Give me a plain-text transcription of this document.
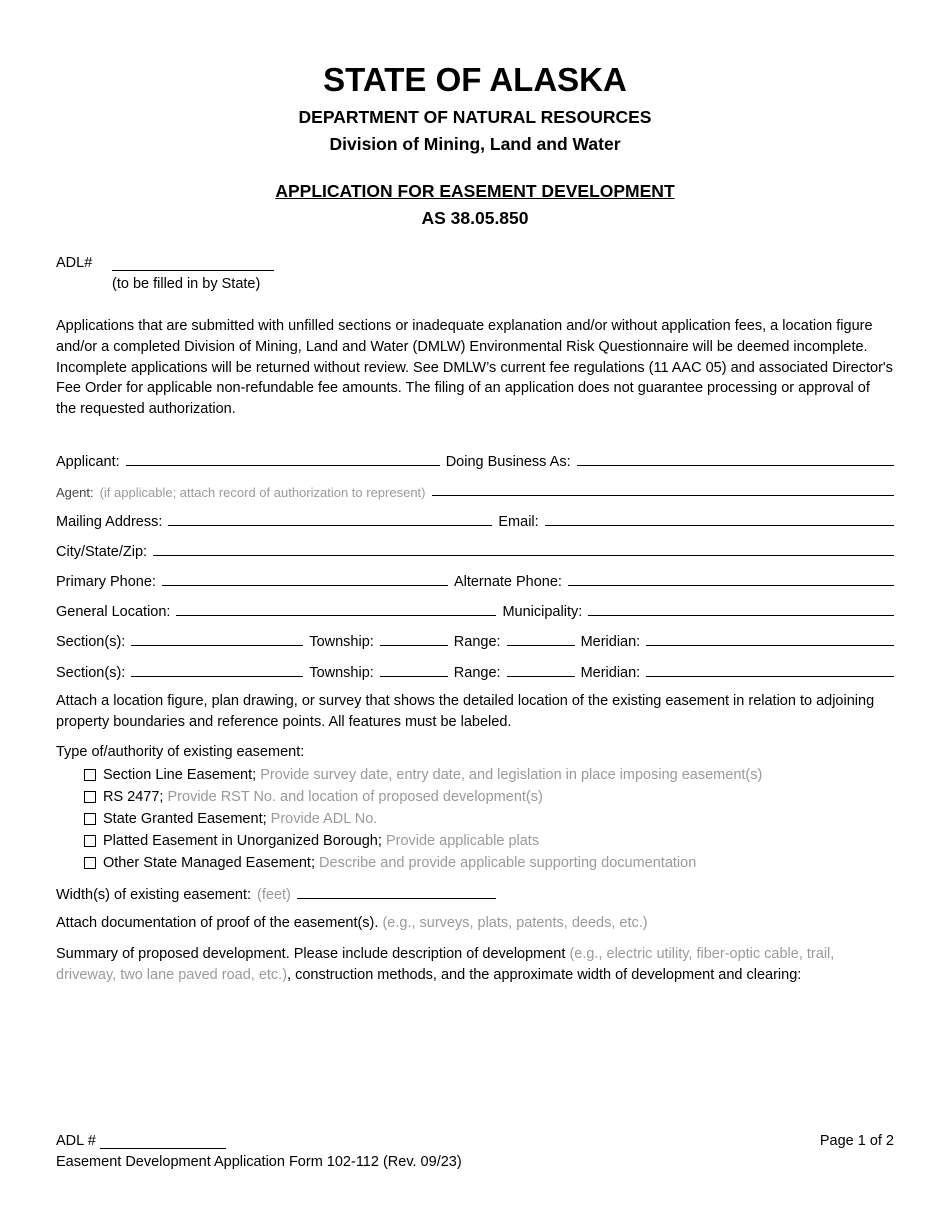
STATE OF ALASKA
DEPARTMENT OF NATURAL RESOURCES
Division of Mining, Land and Water
APPLICATION FOR EASEMENT DEVELOPMENT
AS 38.05.850
ADL#
(to be filled in by State)
Applications that are submitted with unfilled sections or inadequate explanation and/or without application fees, a location figure and/or a completed Division of Mining, Land and Water (DMLW) Environmental Risk Questionnaire will be deemed incomplete. Incomplete applications will be returned without review. See DMLW’s current fee regulations (11 AAC 05) and associated Director's Fee Order for applicable non-refundable fee amounts. The filing of an application does not guarantee processing or approval of the requested authorization.
Applicant:	Doing Business As:
Agent: (if applicable; attach record of authorization to represent)
Mailing Address:	Email:
City/State/Zip:
Primary Phone:	Alternate Phone:
General Location:	Municipality:
Section(s):	Township:	Range:	Meridian:
Section(s):	Township:	Range:	Meridian:
Attach a location figure, plan drawing, or survey that shows the detailed location of the existing easement in relation to adjoining property boundaries and reference points. All features must be labeled.
Type of/authority of existing easement:
Section Line Easement;
Provide survey date, entry date, and legislation in place imposing easement(s)
RS 2477;
Provide RST No. and location of proposed development(s)
State Granted Easement;
Provide ADL No.
Platted Easement in Unorganized Borough;
Provide applicable plats
Other State Managed Easement;
Describe and provide applicable supporting documentation
Width(s) of existing easement: (feet)
Attach documentation of proof of the easement(s). (e.g., surveys, plats, patents, deeds, etc.)
Summary of proposed development. Please include description of development (e.g., electric utility, fiber-optic cable, trail, driveway, two lane paved road, etc.), construction methods, and the approximate width of development and clearing:
ADL #
Easement Development Application Form 102-112 (Rev. 09/23)
Page 1 of 2
